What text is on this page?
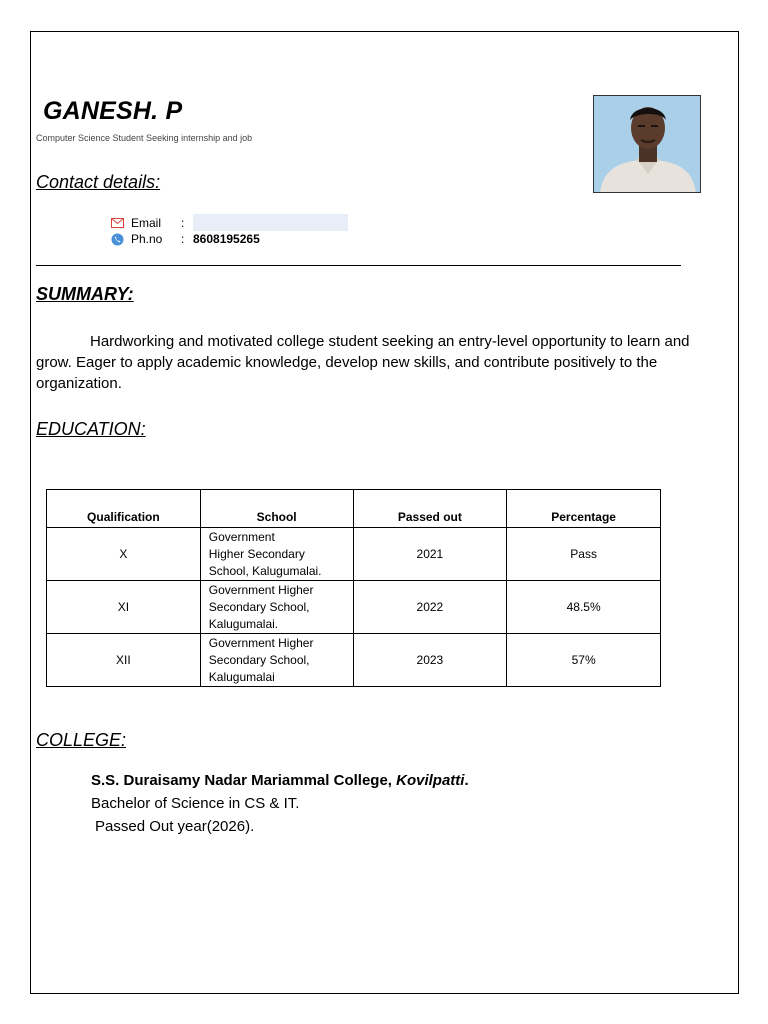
GANESH. P
Computer Science Student Seeking internship and job
Contact details:
Email	:
Ph.no	: 8608195265
SUMMARY:

Hardworking and motivated college student seeking an entry-level opportunity to learn and grow. Eager to apply academic knowledge, develop new skills, and contribute positively to the organization.

EDUCATION:
Qualification	School	Passed out	Percentage
X	Government
Higher Secondary
School, Kalugumalai.	2021	Pass
XI	Government Higher
Secondary School,
Kalugumalai.	2022	48.5%
XII	Government Higher
Secondary School,
Kalugumalai	2023	57%
COLLEGE:
S.S. Duraisamy Nadar Mariammal College, Kovilpatti.
Bachelor of Science in CS & IT.
Passed Out year(2026).
